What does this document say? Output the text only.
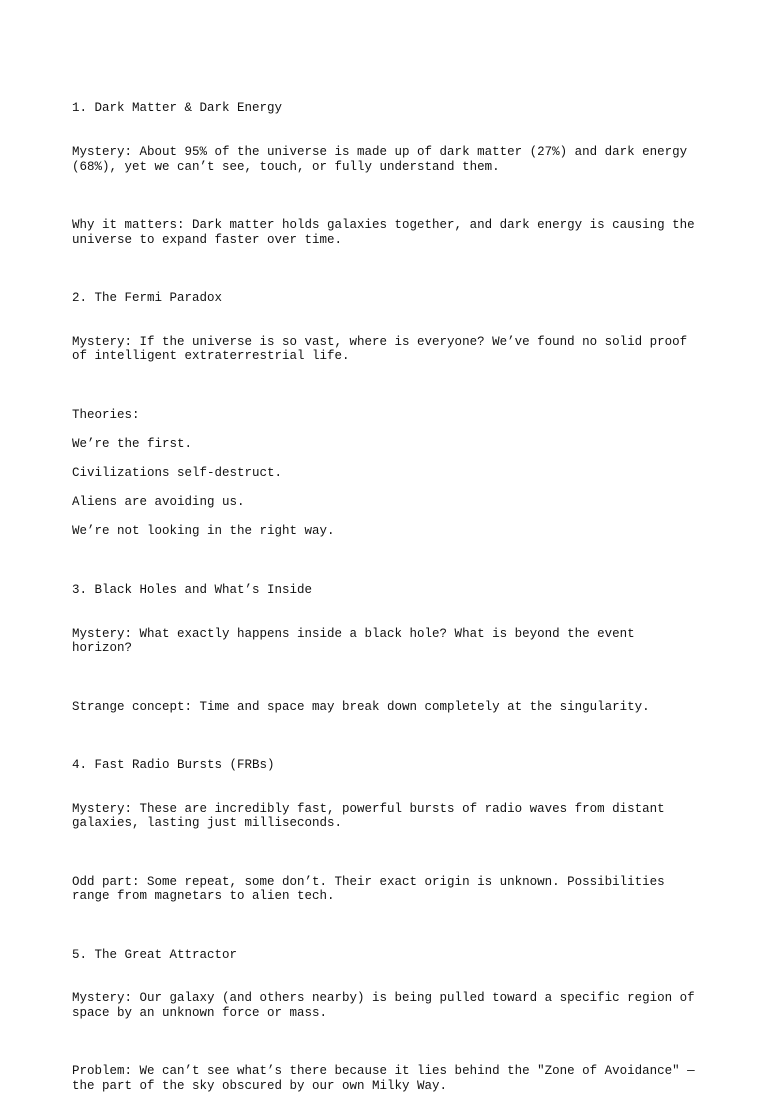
1. Dark Matter & Dark Energy

Mystery: About 95% of the universe is made up of dark matter (27%) and dark energy (68%), yet we can’t see, touch, or fully understand them.

Why it matters: Dark matter holds galaxies together, and dark energy is causing the universe to expand faster over time.

2. The Fermi Paradox

Mystery: If the universe is so vast, where is everyone? We’ve found no solid proof of intelligent extraterrestrial life.

Theories:
We’re the first.
Civilizations self-destruct.
Aliens are avoiding us.
We’re not looking in the right way.

3. Black Holes and What’s Inside

Mystery: What exactly happens inside a black hole? What is beyond the event horizon?

Strange concept: Time and space may break down completely at the singularity.

4. Fast Radio Bursts (FRBs)

Mystery: These are incredibly fast, powerful bursts of radio waves from distant galaxies, lasting just milliseconds.

Odd part: Some repeat, some don’t. Their exact origin is unknown. Possibilities range from magnetars to alien tech.

5. The Great Attractor

Mystery: Our galaxy (and others nearby) is being pulled toward a specific region of space by an unknown force or mass.

Problem: We can’t see what’s there because it lies behind the "Zone of Avoidance" — the part of the sky obscured by our own Milky Way.
